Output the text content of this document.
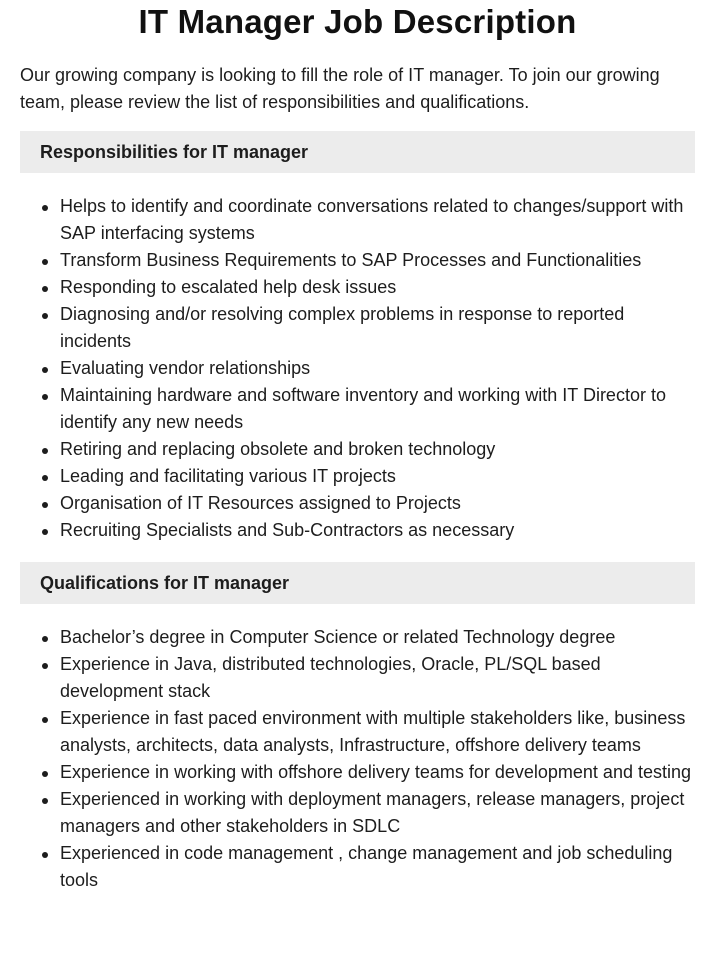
IT Manager Job Description

Our growing company is looking to fill the role of IT manager. To join our growing team, please review the list of responsibilities and qualifications.

Responsibilities for IT manager
Helps to identify and coordinate conversations related to changes/support with SAP interfacing systems
Transform Business Requirements to SAP Processes and Functionalities
Responding to escalated help desk issues
Diagnosing and/or resolving complex problems in response to reported incidents
Evaluating vendor relationships
Maintaining hardware and software inventory and working with IT Director to identify any new needs
Retiring and replacing obsolete and broken technology
Leading and facilitating various IT projects
Organisation of IT Resources assigned to Projects
Recruiting Specialists and Sub-Contractors as necessary
Qualifications for IT manager
Bachelor’s degree in Computer Science or related Technology degree
Experience in Java, distributed technologies, Oracle, PL/SQL based development stack
Experience in fast paced environment with multiple stakeholders like, business analysts, architects, data analysts, Infrastructure, offshore delivery teams
Experience in working with offshore delivery teams for development and testing
Experienced in working with deployment managers, release managers, project managers and other stakeholders in SDLC
Experienced in code management , change management and job scheduling tools
